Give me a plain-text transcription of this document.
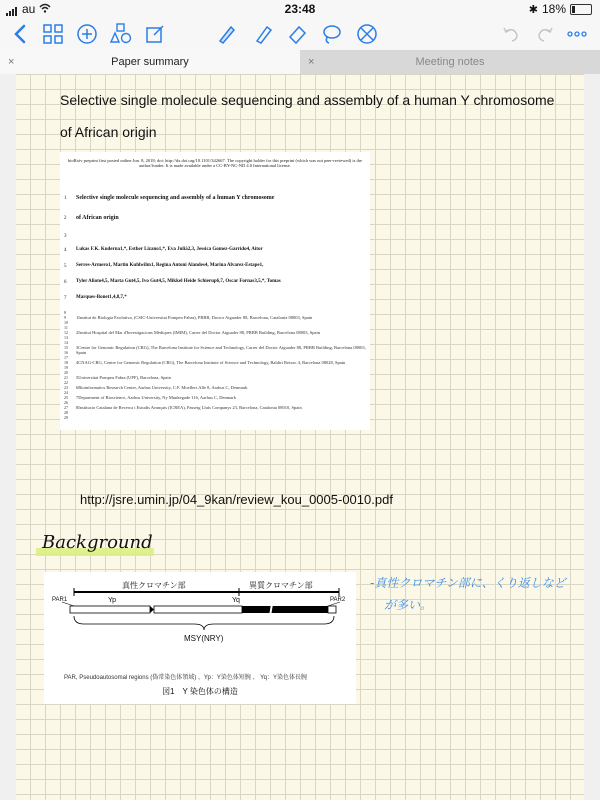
au	23:48	✱ 18%
×	Paper summary	×	Meeting notes
Selective single molecule sequencing and assembly of a human Y chromosome
of African origin
bioRxiv preprint first posted online Jun. 8, 2018; doi: http://dx.doi.org/10.1101/342667. The copyright holder for this preprint (which was not peer-reviewed) is the author/funder. It is made available under a CC-BY-NC-ND 4.0 International license.
1 Selective single molecule sequencing and assembly of a human Y chromosome
2 of African origin
3
4 Lukas F.K. Kuderna1,*, Esther Lizano1,*, Eva Julià2,3, Jessica Gomez-Garrido4, Aitor
5 Serres-Armero1, Martin Kuhlwilm1, Regina Antoni Alandes4, Marina Alvarez-Estape1,
6 Tyler Alioto4,5, Marta Gut4,5, Ivo Gut4,5, Mikkel Heide Schierup6,7, Oscar Fornas3,5,*, Tomas
7 Marques-Bonet1,4,8,7,*
8
9
10
11
12
13
14
15
16
17
18
19
20
21
22
23
24
25
26
27
28
29
1Institut de Biologia Evolutiva, (CSIC-Universitat Pompeu Fabra), PRBB, Doctor Aiguader 88, Barcelona, Catalonia 08003, Spain
2Institut Hospital del Mar d'Investigacions Mèdiques (IMIM), Carrer del Doctor Aiguader 88, PRBB Building, Barcelona 08003, Spain
3Centre for Genomic Regulation (CRG), The Barcelona Institute for Science and Technology, Carrer del Doctor Aiguader 88, PRBB Building, Barcelona 08003, Spain
4CNAG-CRG, Centre for Genomic Regulation (CRG), The Barcelona Institute of Science and Technology, Baldiri Reixac 4, Barcelona 08028, Spain
5Universitat Pompeu Fabra (UPF), Barcelona, Spain
6Bioinformatics Research Center, Aarhus University, C.F. Moellers Alle 8, Aarhus C, Denmark
7Department of Bioscience, Aarhus University, Ny Munkegade 116, Aarhus C, Denmark
8Institucio Catalana de Recerca i Estudis Avançats (ICREA), Passeig Lluís Companys 23, Barcelona, Catalonia 08010, Spain
http://jsre.umin.jp/04_9kan/review_kou_0005-0010.pdf
Background
真性クロマチン部	異質クロマチン部
PAR1	PAR2
Yp	Yq
MSY(NRY)
PAR, Pseudoautosomal regions (偽常染色体領域) 、Yp：Y染色体短腕 、 Yq：Y染色体長腕
図1　Y 染色体の構造
-真性クロマチン部に、くり返しなど
が多い。
